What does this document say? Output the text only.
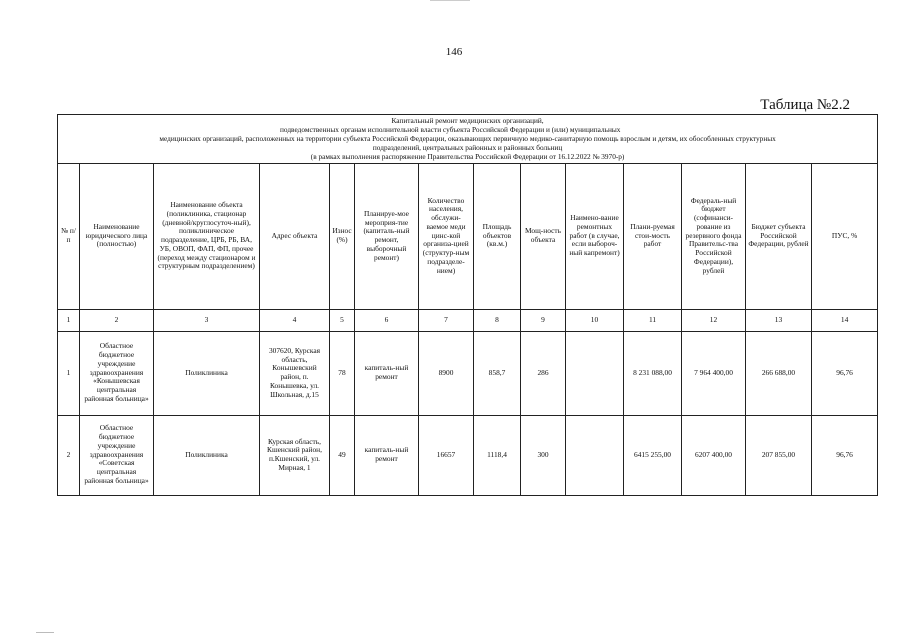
146
Таблица №2.2
Капитальный ремонт медицинских организаций,
подведомственных органам исполнительной власти субъекта Российской Федерации и (или) муниципальных
медицинских организаций, расположенных на территории субъекта Российской Федерации, оказывающих первичную медико-санитарную помощь взрослым и детям, их обособленных структурных
подразделений, центральных районных и районных больниц
(в рамках выполнения распоряжение Правительства Российской Федерации от 16.12.2022 № 3970-р)													

№ п/п	Наименование юридического лица (полностью)	Наименование объекта (поликлиника, стационар (дневной/круглосуточ-ный), поликлиническое подразделение, ЦРБ, РБ, ВА, УБ, ОВОП, ФАП, ФП, прочее (переход между стационаром и структурным подразделением)	Адрес объекта	Износ (%)	Планируе-мое мероприя-тие (капиталь-ный ремонт, выборочный ремонт)	Количество населения, обслужи-ваемое меди цинс-кой организа-цией (структур-ным подразделе-нием)	Площадь объектов (кв.м.)	Мощ-ность объекта	Наимено-вание ремонтных работ (в случае, если выбороч-ный капремонт)	Плани-руемая стои-мость работ	Федераль-ный бюджет (софинанси-рование из резервного фонда Правительс-тва Российской Федерации), рублей	Бюджет субъекта Российской Федерации, рублей	ПУС, %
1	2	3	4	5	6	7	8	9	10	11	12	13	14
1	Областное бюджетное учреждение здравоохранения «Конышевская центральная районная больница»	Поликлиника	307620, Курская область, Конышевский район, п. Конышевка, ул. Школьная, д.15	78	капиталь-ный ремонт	8900	858,7	286		8 231 088,00	7 964 400,00	266 688,00	96,76
2	Областное бюджетное учреждение здравоохранения «Советская центральная районная больница»	Поликлиника	Курская область, Кшенский район, п.Кшенский, ул. Мирная, 1	49	капиталь-ный ремонт	16657	1118,4	300		6415 255,00	6207 400,00	207 855,00	96,76
